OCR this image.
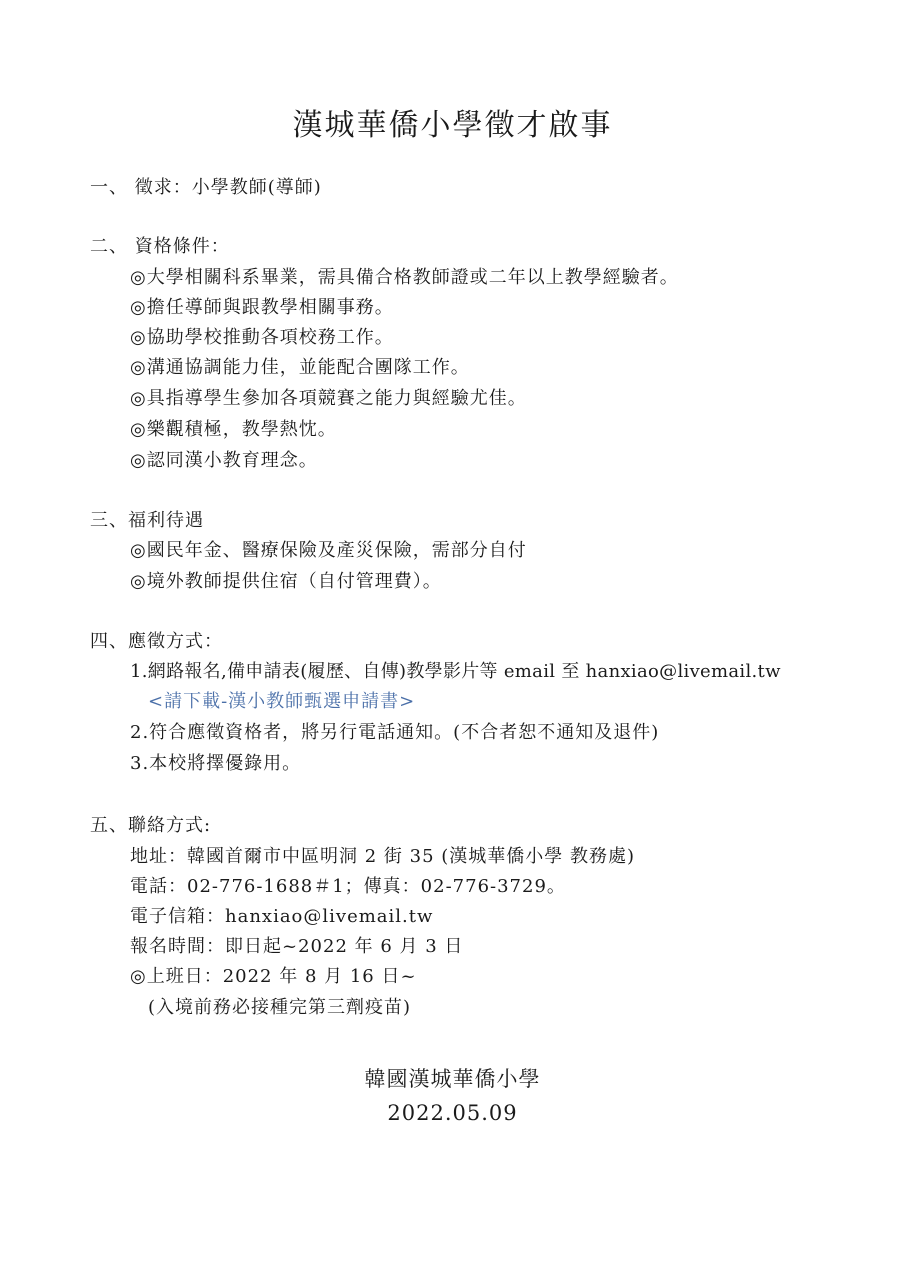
漢城華僑小學徵才啟事
一、 徵求：小學教師(導師)
二、 資格條件：
◎大學相關科系畢業，需具備合格教師證或二年以上教學經驗者。
◎擔任導師與跟教學相關事務。
◎協助學校推動各項校務工作。
◎溝通協調能力佳，並能配合團隊工作。
◎具指導學生參加各項競賽之能力與經驗尤佳。
◎樂觀積極，教學熱忱。
◎認同漢小教育理念。
三、福利待遇
◎國民年金、醫療保險及產災保險，需部分自付
◎境外教師提供住宿（自付管理費）。
四、應徵方式：
1.網路報名,備申請表(履歷、自傳)教學影片等 email 至 hanxiao@livemail.tw
<請下載-漢小教師甄選申請書>
2.符合應徵資格者，將另行電話通知。(不合者恕不通知及退件)
3.本校將擇優錄用。
五、聯絡方式:
地址：韓國首爾市中區明洞 2 街 35 (漢城華僑小學 教務處)
電話：02-776-1688＃1；傳真：02-776-3729。
電子信箱：hanxiao@livemail.tw
報名時間：即日起~2022 年 6 月 3 日
◎上班日：2022 年 8 月 16 日~
(入境前務必接種完第三劑疫苗)
韓國漢城華僑小學
2022.05.09
